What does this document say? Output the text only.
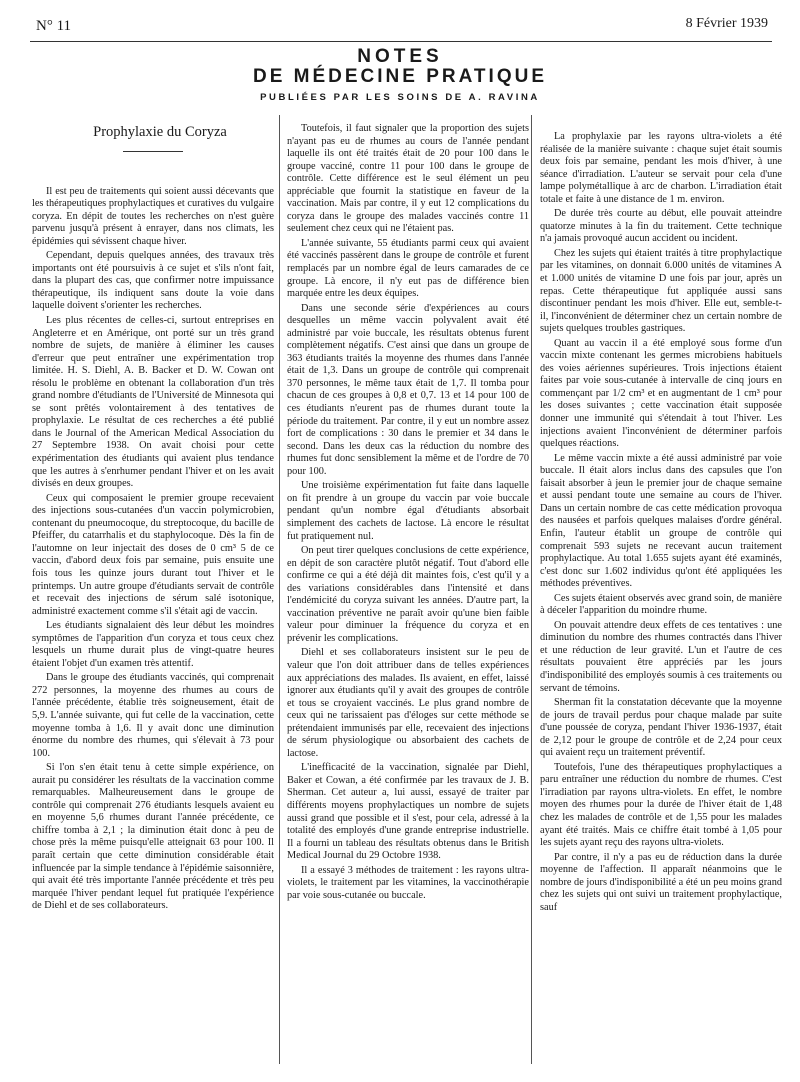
N° 11	8 Février 1939
NOTES
DE MÉDECINE PRATIQUE
PUBLIÉES PAR LES SOINS DE A. RAVINA

Prophylaxie du Coryza

Il est peu de traitements qui soient aussi décevants que les thérapeutiques prophylactiques et curatives du vulgaire coryza. En dépit de toutes les recherches on n'est guère parvenu jusqu'à présent à enrayer, dans nos climats, les épidémies qui sévissent chaque hiver.

Cependant, depuis quelques années, des travaux très importants ont été poursuivis à ce sujet et s'ils n'ont fait, dans la plupart des cas, que confirmer notre impuissance thérapeutique, ils indiquent sans doute la voie dans laquelle doivent s'orienter les recherches.

Les plus récentes de celles-ci, surtout entreprises en Angleterre et en Amérique, ont porté sur un très grand nombre de sujets, de manière à éliminer les causes d'erreur que peut entraîner une expérimentation trop limitée. H. S. Diehl, A. B. Backer et D. W. Cowan ont résolu le problème en obtenant la collaboration d'un très grand nombre d'étudiants de l'Université de Minnesota qui se sont prêtés volontairement à des tentatives de prophylaxie. Le résultat de ces recherches a été publié dans le Journal of the American Medical Association du 27 Septembre 1938. On avait choisi pour cette expérimentation des étudiants qui avaient plus tendance que les autres à s'enrhumer pendant l'hiver et on les avait divisés en deux groupes.

Ceux qui composaient le premier groupe recevaient des injections sous-cutanées d'un vaccin polymicrobien, contenant du pneumocoque, du streptocoque, du bacille de Pfeiffer, du catarrhalis et du staphylocoque. Dès la fin de l'automne on leur injectait des doses de 0 cm³ 5 de ce vaccin, d'abord deux fois par semaine, puis ensuite une fois tous les quinze jours durant tout l'hiver et le printemps. Un autre groupe d'étudiants servait de contrôle et recevait des injections de sérum salé isotonique, administré exactement comme s'il s'était agi de vaccin.

Les étudiants signalaient dès leur début les moindres symptômes de l'apparition d'un coryza et tous ceux chez lesquels un rhume durait plus de vingt-quatre heures étaient l'objet d'un examen très attentif.

Dans le groupe des étudiants vaccinés, qui comprenait 272 personnes, la moyenne des rhumes au cours de l'année précédente, établie très soigneusement, était de 5,9. L'année suivante, qui fut celle de la vaccination, cette moyenne tomba à 1,6. Il y avait donc une diminution énorme du nombre des rhumes, qui s'élevait à 73 pour 100.

Si l'on s'en était tenu à cette simple expérience, on aurait pu considérer les résultats de la vaccination comme remarquables. Malheureusement dans le groupe de contrôle qui comprenait 276 étudiants lesquels avaient eu en moyenne 5,6 rhumes durant l'année précédente, ce chiffre tomba à 2,1 ; la diminution était donc à peu de chose près la même puisqu'elle atteignait 63 pour 100. Il paraît certain que cette diminution considérable était influencée par la simple tendance à l'épidémie saisonnière, qui avait été très importante l'année précédente et très peu marquée l'hiver pendant lequel fut pratiquée l'expérience de Diehl et de ses collaborateurs.

Toutefois, il faut signaler que la proportion des sujets n'ayant pas eu de rhumes au cours de l'année pendant laquelle ils ont été traités était de 20 pour 100 dans le groupe vacciné, contre 11 pour 100 dans le groupe de contrôle. Cette différence est le seul élément un peu appréciable que fournit la statistique en faveur de la vaccination. Mais par contre, il y eut 12 complications du coryza dans le groupe des malades vaccinés contre 11 seulement chez ceux qui ne l'étaient pas.

L'année suivante, 55 étudiants parmi ceux qui avaient été vaccinés passèrent dans le groupe de contrôle et furent remplacés par un nombre égal de leurs camarades de ce groupe. Là encore, il n'y eut pas de différence bien marquée entre les deux équipes.

Dans une seconde série d'expériences au cours desquelles un même vaccin polyvalent avait été administré par voie buccale, les résultats obtenus furent complètement négatifs. C'est ainsi que dans un groupe de 363 étudiants traités la moyenne des rhumes dans l'année était de 1,3. Dans un groupe de contrôle qui comprenait 370 personnes, le même taux était de 1,7. Il tomba pour chacun de ces groupes à 0,8 et 0,7. 13 et 14 pour 100 de ces étudiants n'eurent pas de rhumes durant toute la période du traitement. Par contre, il y eut un nombre assez fort de complications : 30 dans le premier et 34 dans le second. Dans les deux cas la réduction du nombre des rhumes fut donc sensiblement la même et de l'ordre de 70 pour 100.

Une troisième expérimentation fut faite dans laquelle on fit prendre à un groupe du vaccin par voie buccale pendant qu'un nombre égal d'étudiants absorbait simplement des cachets de lactose. Là encore le résultat fut pratiquement nul.

On peut tirer quelques conclusions de cette expérience, en dépit de son caractère plutôt négatif. Tout d'abord elle confirme ce qui a été déjà dit maintes fois, c'est qu'il y a des variations considérables dans l'intensité et dans l'endémicité du coryza suivant les années. D'autre part, la vaccination préventive ne paraît avoir qu'une bien faible valeur pour diminuer la fréquence du coryza et en prévenir les complications.

Diehl et ses collaborateurs insistent sur le peu de valeur que l'on doit attribuer dans de telles expériences aux appréciations des malades. Ils avaient, en effet, laissé ignorer aux étudiants qu'il y avait des groupes de contrôle et tous se croyaient vaccinés. Le plus grand nombre de ceux qui ne tarissaient pas d'éloges sur cette méthode se prétendaient immunisés par elle, recevaient des injections de sérum physiologique ou absorbaient des cachets de lactose.

L'inefficacité de la vaccination, signalée par Diehl, Baker et Cowan, a été confirmée par les travaux de J. B. Sherman. Cet auteur a, lui aussi, essayé de traiter par différents moyens prophylactiques un nombre de sujets aussi grand que possible et il s'est, pour cela, adressé à la totalité des employés d'une grande entreprise industrielle. Il a fourni un tableau des résultats obtenus dans le British Medical Journal du 29 Octobre 1938.

Il a essayé 3 méthodes de traitement : les rayons ultra-violets, le traitement par les vitamines, la vaccinothérapie par voie sous-cutanée ou buccale.

La prophylaxie par les rayons ultra-violets a été réalisée de la manière suivante : chaque sujet était soumis deux fois par semaine, pendant les mois d'hiver, à une séance d'irradiation. L'auteur se servait pour cela d'une lampe polymétallique à arc de charbon. L'irradiation était totale et faite à une distance de 1 m. environ.

De durée très courte au début, elle pouvait atteindre quatorze minutes à la fin du traitement. Cette technique n'a jamais provoqué aucun accident ou incident.

Chez les sujets qui étaient traités à titre prophylactique par les vitamines, on donnait 6.000 unités de vitamines A et 1.000 unités de vitamine D une fois par jour, après un repas. Cette thérapeutique fut appliquée aussi sans discontinuer pendant les mois d'hiver. Elle eut, semble-t-il, l'inconvénient de déterminer chez un certain nombre de sujets quelques troubles gastriques.

Quant au vaccin il a été employé sous forme d'un vaccin mixte contenant les germes microbiens habituels des voies aériennes supérieures. Trois injections étaient faites par voie sous-cutanée à intervalle de cinq jours en commençant par 1/2 cm³ et en augmentant de 1 cm³ pour les doses suivantes ; cette vaccination était supposée donner une immunité qui s'étendait à tout l'hiver. Les injections avaient l'inconvénient de déterminer parfois quelques réactions.

Le même vaccin mixte a été aussi administré par voie buccale. Il était alors inclus dans des capsules que l'on faisait absorber à jeun le premier jour de chaque semaine et aussi pendant toute une semaine au cours de l'hiver. Dans un certain nombre de cas cette médication provoqua des nausées et parfois quelques malaises d'ordre général. Enfin, l'auteur établit un groupe de contrôle qui comprenait 593 sujets ne recevant aucun traitement prophylactique. Au total 1.655 sujets ayant été examinés, c'est donc sur 1.602 individus qu'ont été appliquées les méthodes préventives.

Ces sujets étaient observés avec grand soin, de manière à déceler l'apparition du moindre rhume.

On pouvait attendre deux effets de ces tentatives : une diminution du nombre des rhumes contractés dans l'hiver et une réduction de leur gravité. L'un et l'autre de ces résultats pouvaient être appréciés par les jours d'indisponibilité des employés soumis à ces traitements ou servant de témoins.

Sherman fit la constatation décevante que la moyenne de jours de travail perdus pour chaque malade par suite d'une poussée de coryza, pendant l'hiver 1936-1937, était de 2,12 pour le groupe de contrôle et de 2,24 pour ceux qui avaient reçu un traitement préventif.

Toutefois, l'une des thérapeutiques prophylactiques a paru entraîner une réduction du nombre de rhumes. C'est l'irradiation par rayons ultra-violets. En effet, le nombre moyen des rhumes pour la durée de l'hiver était de 1,48 chez les malades de contrôle et de 1,55 pour les malades ayant été traités. Mais ce chiffre était tombé à 1,05 pour les sujets ayant reçu des rayons ultra-violets.

Par contre, il n'y a pas eu de réduction dans la durée moyenne de l'affection. Il apparaît néanmoins que le nombre de jours d'indisponibilité a été un peu moins grand chez les sujets qui ont suivi un traitement prophylactique, sauf
